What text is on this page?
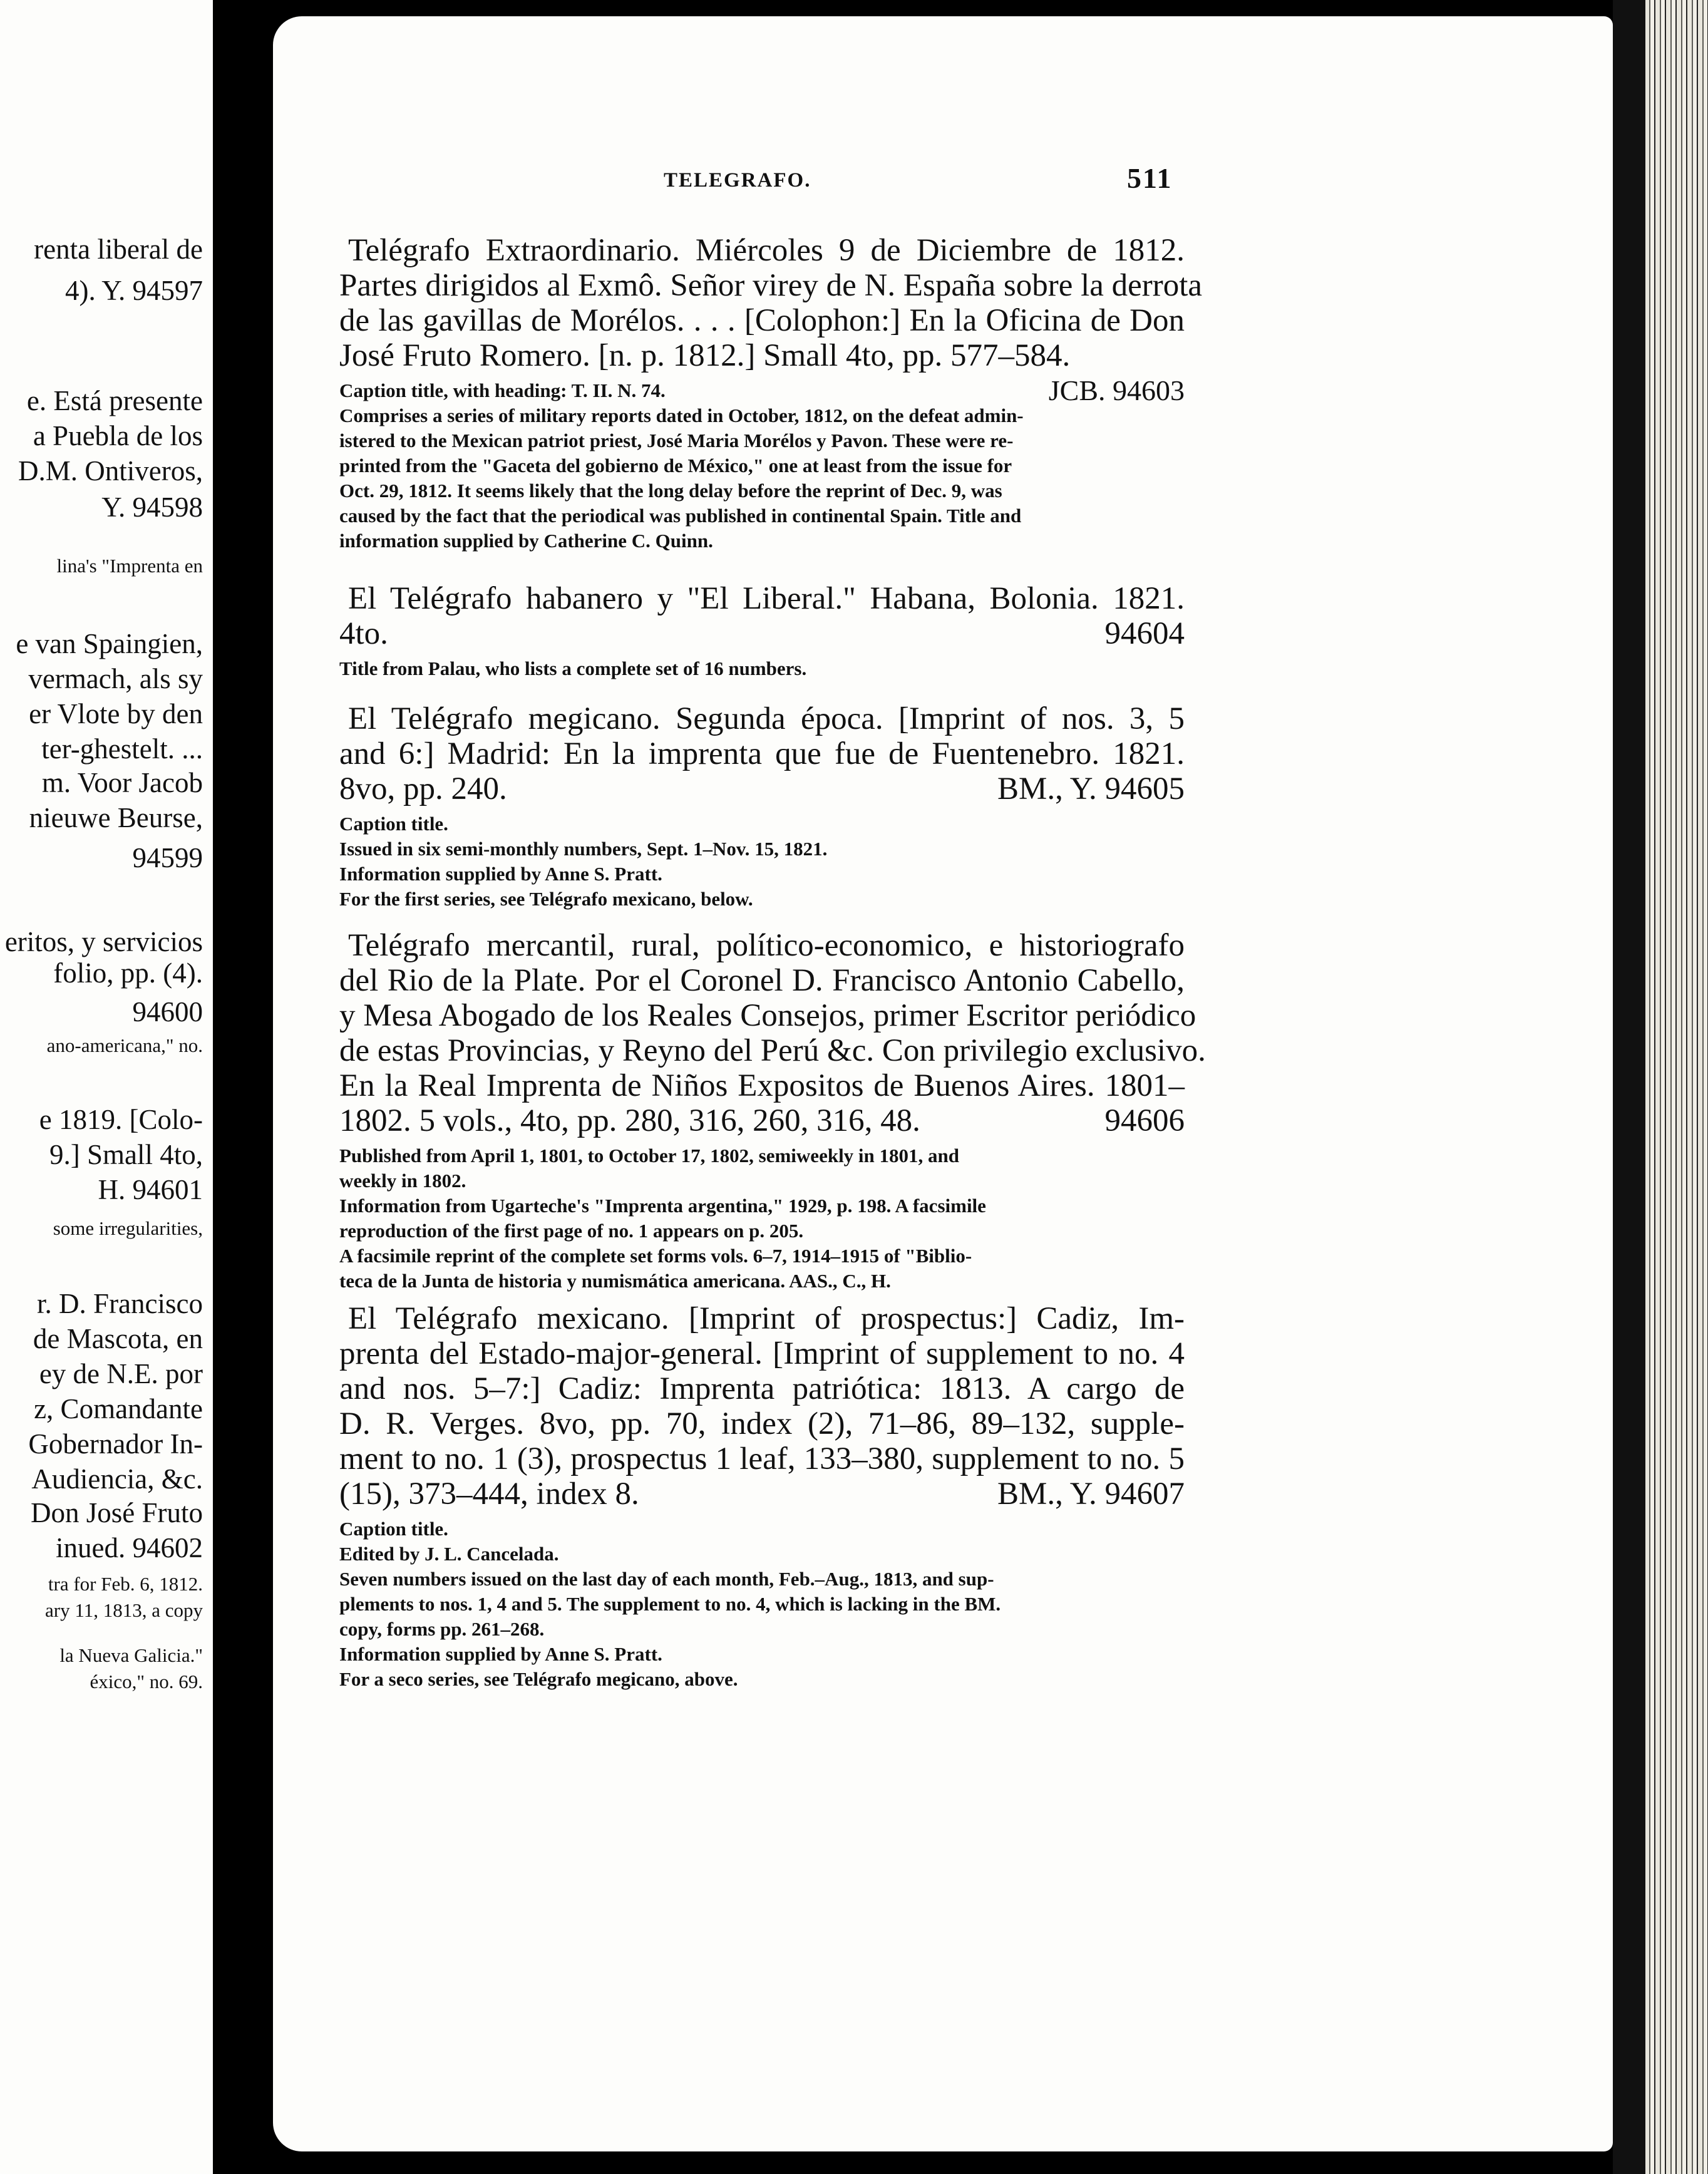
renta liberal de
4). Y. 94597
e. Está presente
a Puebla de los
D.M. Ontiveros,
Y. 94598
lina's "Imprenta en
e van Spaingien,
vermach, als sy
er Vlote by den
ter-ghestelt. ...
m. Voor Jacob
nieuwe Beurse,
94599
eritos, y servicios
folio, pp. (4).
94600
ano-americana," no.
e 1819. [Colo-
9.] Small 4to,
H. 94601
some irregularities,
r. D. Francisco
de Mascota, en
ey de N.E. por
z, Comandante
Gobernador In-
Audiencia, &c.
Don José Fruto
inued. 94602
tra for Feb. 6, 1812.
ary 11, 1813, a copy
la Nueva Galicia."
éxico," no. 69.
TELEGRAFO.	511

Telégrafo Extraordinario. Miércoles 9 de Diciembre de 1812.

Partes dirigidos al Exmô. Señor virey de N. España sobre la derrota

de las gavillas de Morélos. . . . [Colophon:] En la Oficina de Don

José Fruto Romero. [n. p. 1812.] Small 4to, pp. 577–584.

Caption title, with heading: T. II. N. 74.	JCB. 94603

Comprises a series of military reports dated in October, 1812, on the defeat admin-

istered to the Mexican patriot priest, José Maria Morélos y Pavon. These were re-

printed from the "Gaceta del gobierno de México," one at least from the issue for

Oct. 29, 1812. It seems likely that the long delay before the reprint of Dec. 9, was

caused by the fact that the periodical was published in continental Spain. Title and

information supplied by Catherine C. Quinn.

El Telégrafo habanero y "El Liberal." Habana, Bolonia. 1821.

4to.	94604

Title from Palau, who lists a complete set of 16 numbers.

El Telégrafo megicano. Segunda época. [Imprint of nos. 3, 5

and 6:] Madrid: En la imprenta que fue de Fuentenebro. 1821.

8vo, pp. 240.	BM., Y. 94605

Caption title.

Issued in six semi-monthly numbers, Sept. 1–Nov. 15, 1821.

Information supplied by Anne S. Pratt.

For the first series, see Telégrafo mexicano, below.

Telégrafo mercantil, rural, político-economico, e historiografo

del Rio de la Plate. Por el Coronel D. Francisco Antonio Cabello,

y Mesa Abogado de los Reales Consejos, primer Escritor periódico

de estas Provincias, y Reyno del Perú &c. Con privilegio exclusivo.

En la Real Imprenta de Niños Expositos de Buenos Aires. 1801–

1802. 5 vols., 4to, pp. 280, 316, 260, 316, 48.	94606

Published from April 1, 1801, to October 17, 1802, semiweekly in 1801, and

weekly in 1802.

Information from Ugarteche's "Imprenta argentina," 1929, p. 198. A facsimile

reproduction of the first page of no. 1 appears on p. 205.

A facsimile reprint of the complete set forms vols. 6–7, 1914–1915 of "Biblio-

teca de la Junta de historia y numismática americana. AAS., C., H.

El Telégrafo mexicano. [Imprint of prospectus:] Cadiz, Im-

prenta del Estado-major-general. [Imprint of supplement to no. 4

and nos. 5–7:] Cadiz: Imprenta patriótica: 1813. A cargo de

D. R. Verges. 8vo, pp. 70, index (2), 71–86, 89–132, supple-

ment to no. 1 (3), prospectus 1 leaf, 133–380, supplement to no. 5

(15), 373–444, index 8.	BM., Y. 94607

Caption title.

Edited by J. L. Cancelada.

Seven numbers issued on the last day of each month, Feb.–Aug., 1813, and sup-

plements to nos. 1, 4 and 5. The supplement to no. 4, which is lacking in the BM.

copy, forms pp. 261–268.

Information supplied by Anne S. Pratt.

For a seco series, see Telégrafo megicano, above.
